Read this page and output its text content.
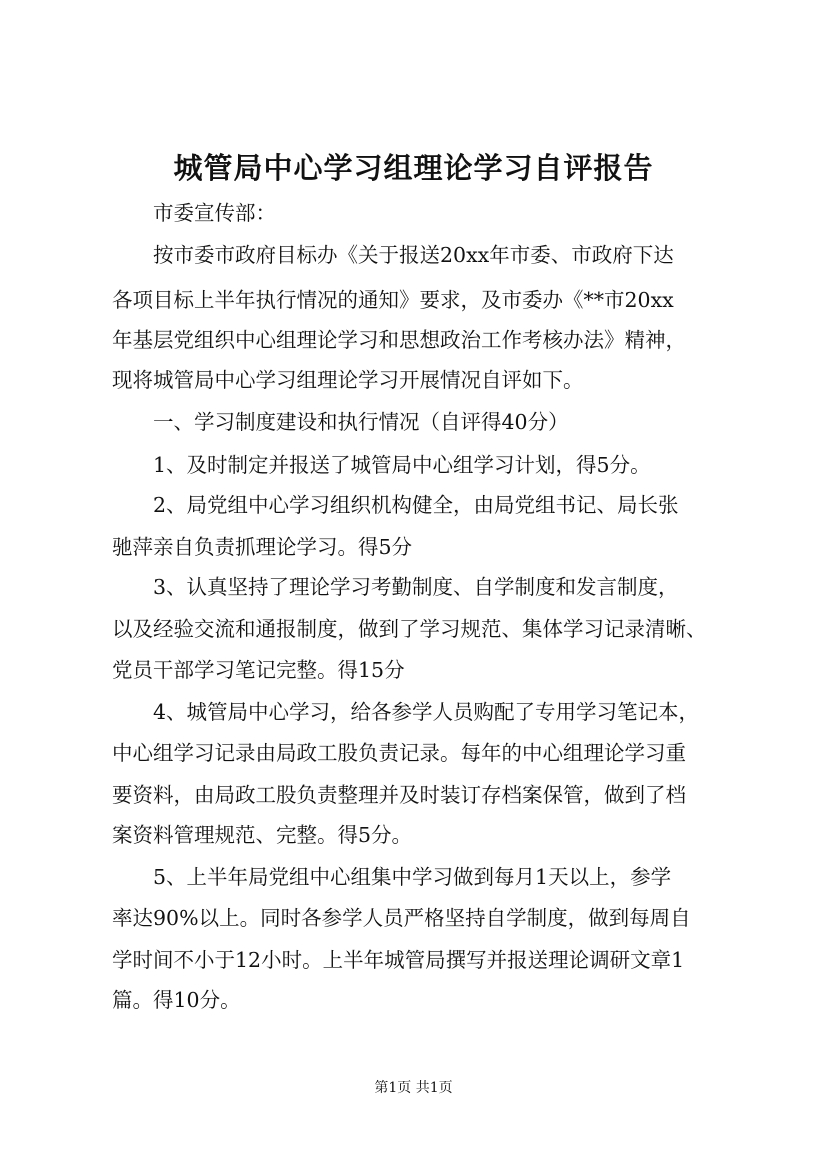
城管局中心学习组理论学习自评报告

市委宣传部：

按市委市政府目标办《关于报送20xx年市委、市政府下达

各项目标上半年执行情况的通知》要求，及市委办《**市20xx

年基层党组织中心组理论学习和思想政治工作考核办法》精神，

现将城管局中心学习组理论学习开展情况自评如下。

一、学习制度建设和执行情况（自评得40分）

1、及时制定并报送了城管局中心组学习计划，得5分。

2、局党组中心学习组织机构健全，由局党组书记、局长张

驰萍亲自负责抓理论学习。得5分

3、认真坚持了理论学习考勤制度、自学制度和发言制度，

以及经验交流和通报制度，做到了学习规范、集体学习记录清晰、

党员干部学习笔记完整。得15分

4、城管局中心学习，给各参学人员购配了专用学习笔记本，

中心组学习记录由局政工股负责记录。每年的中心组理论学习重

要资料，由局政工股负责整理并及时装订存档案保管，做到了档

案资料管理规范、完整。得5分。

5、上半年局党组中心组集中学习做到每月1天以上，参学

率达90%以上。同时各参学人员严格坚持自学制度，做到每周自

学时间不小于12小时。上半年城管局撰写并报送理论调研文章1

篇。得10分。

第1页 共1页
